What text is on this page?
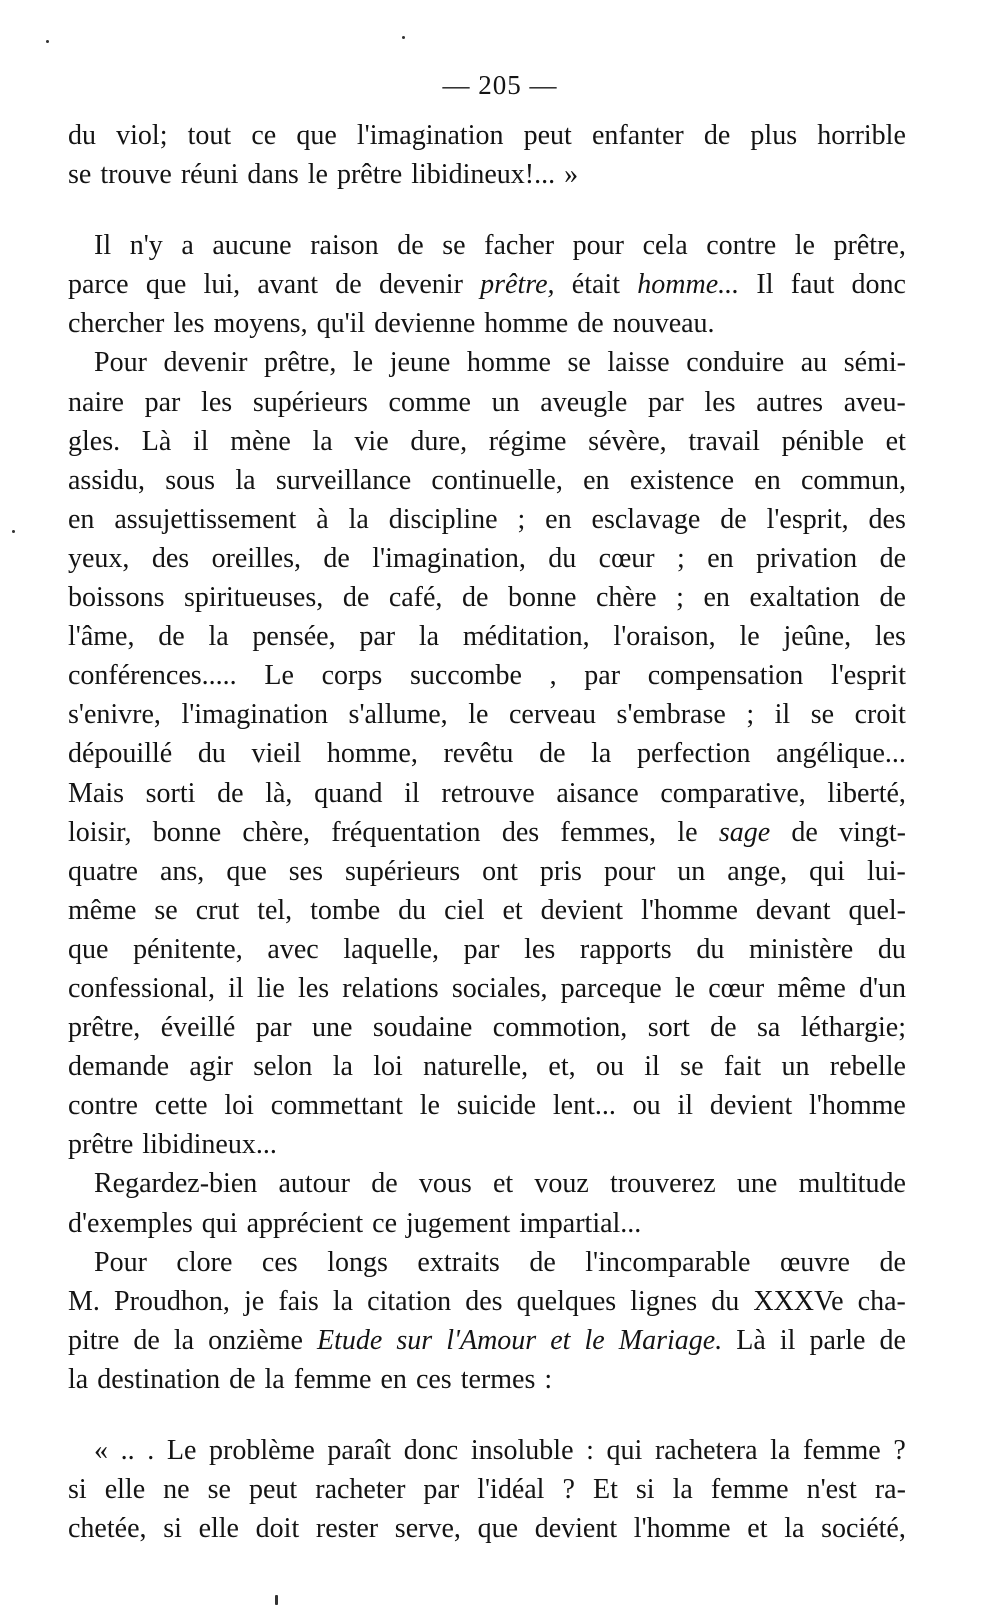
— 205 —
du viol; tout ce que l'imagination peut enfanter de plus horrible
se trouve réuni dans le prêtre libidineux!... »
Il n'y a aucune raison de se facher pour cela contre le prêtre,
parce que lui, avant de devenir prêtre, était homme... Il faut donc
chercher les moyens, qu'il devienne homme de nouveau.
Pour devenir prêtre, le jeune homme se laisse conduire au sémi-
naire par les supérieurs comme un aveugle par les autres aveu-
gles. Là il mène la vie dure, régime sévère, travail pénible et
assidu, sous la surveillance continuelle, en existence en commun,
en assujettissement à la discipline ; en esclavage de l'esprit, des
yeux, des oreilles, de l'imagination, du cœur ; en privation de
boissons spiritueuses, de café, de bonne chère ; en exaltation de
l'âme, de la pensée, par la méditation, l'oraison, le jeûne, les
conférences..... Le corps succombe , par compensation l'esprit
s'enivre, l'imagination s'allume, le cerveau s'embrase ; il se croit
dépouillé du vieil homme, revêtu de la perfection angélique...
Mais sorti de là, quand il retrouve aisance comparative, liberté,
loisir, bonne chère, fréquentation des femmes, le sage de vingt-
quatre ans, que ses supérieurs ont pris pour un ange, qui lui-
même se crut tel, tombe du ciel et devient l'homme devant quel-
que pénitente, avec laquelle, par les rapports du ministère du
confessional, il lie les relations sociales, parceque le cœur même d'un
prêtre, éveillé par une soudaine commotion, sort de sa léthargie;
demande agir selon la loi naturelle, et, ou il se fait un rebelle
contre cette loi commettant le suicide lent... ou il devient l'homme
prêtre libidineux...
Regardez-bien autour de vous et vouz trouverez une multitude
d'exemples qui apprécient ce jugement impartial...
Pour clore ces longs extraits de l'incomparable œuvre de
M. Proudhon, je fais la citation des quelques lignes du XXXVe cha-
pitre de la onzième Etude sur l'Amour et le Mariage. Là il parle de
la destination de la femme en ces termes :
« .. . Le problème paraît donc insoluble : qui rachetera la femme ?
si elle ne se peut racheter par l'idéal ? Et si la femme n'est ra-
chetée, si elle doit rester serve, que devient l'homme et la société,
